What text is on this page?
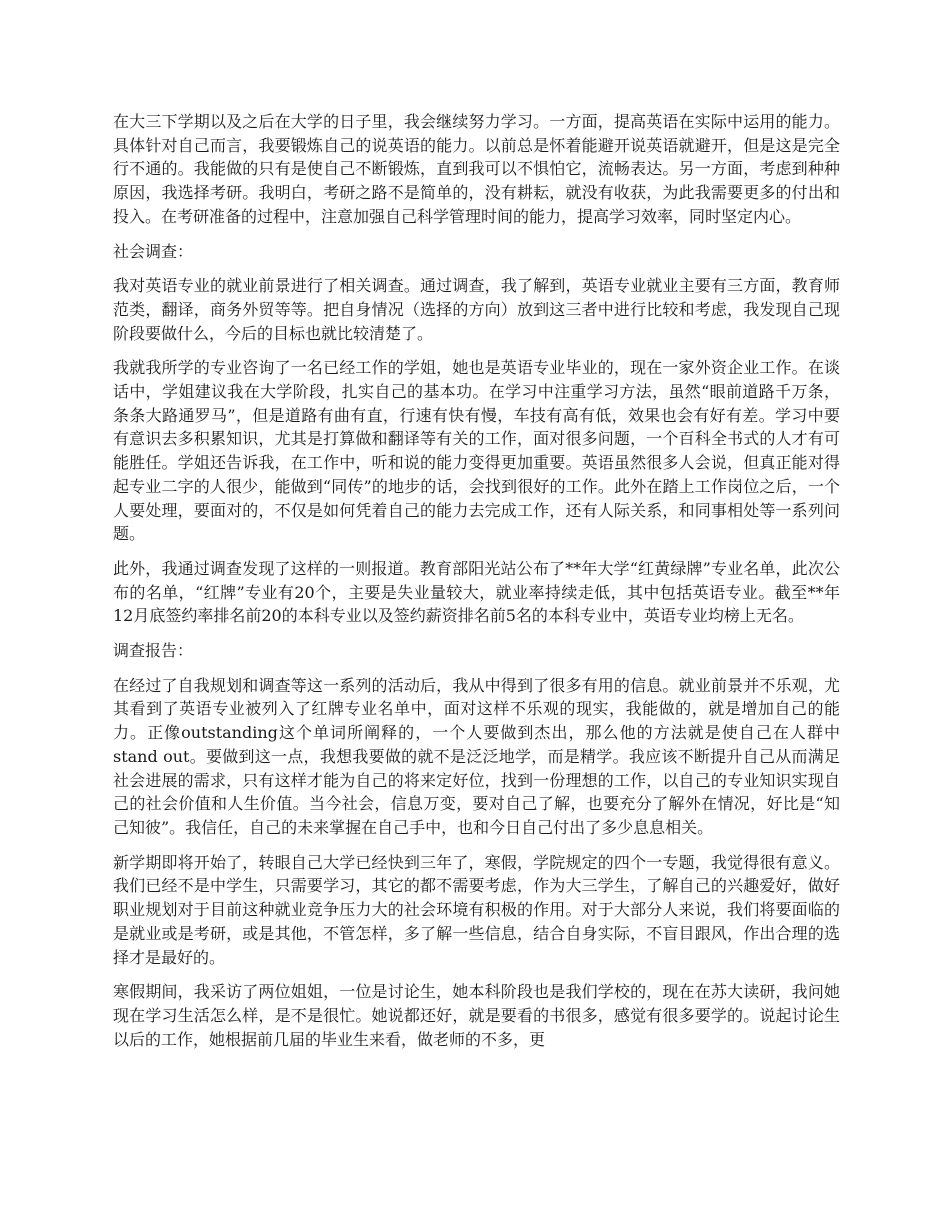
在大三下学期以及之后在大学的日子里，我会继续努力学习。一方面，提高英语在实际中运用的能力。具体针对自己而言，我要锻炼自己的说英语的能力。以前总是怀着能避开说英语就避开，但是这是完全行不通的。我能做的只有是使自己不断锻炼，直到我可以不惧怕它，流畅表达。另一方面，考虑到种种原因，我选择考研。我明白，考研之路不是简单的，没有耕耘，就没有收获，为此我需要更多的付出和投入。在考研准备的过程中，注意加强自己科学管理时间的能力，提高学习效率，同时坚定内心。

社会调查：

我对英语专业的就业前景进行了相关调查。通过调查，我了解到，英语专业就业主要有三方面，教育师范类，翻译，商务外贸等等。把自身情况（选择的方向）放到这三者中进行比较和考虑，我发现自己现阶段要做什么，今后的目标也就比较清楚了。

我就我所学的专业咨询了一名已经工作的学姐，她也是英语专业毕业的，现在一家外资企业工作。在谈话中，学姐建议我在大学阶段，扎实自己的基本功。在学习中注重学习方法，虽然“眼前道路千万条，条条大路通罗马”，但是道路有曲有直，行速有快有慢，车技有高有低，效果也会有好有差。学习中要有意识去多积累知识，尤其是打算做和翻译等有关的工作，面对很多问题，一个百科全书式的人才有可能胜任。学姐还告诉我，在工作中，听和说的能力变得更加重要。英语虽然很多人会说，但真正能对得起专业二字的人很少，能做到“同传”的地步的话，会找到很好的工作。此外在踏上工作岗位之后，一个人要处理，要面对的，不仅是如何凭着自己的能力去完成工作，还有人际关系，和同事相处等一系列问题。

此外，我通过调查发现了这样的一则报道。教育部阳光站公布了**年大学“红黄绿牌”专业名单，此次公布的名单，“红牌”专业有20个，主要是失业量较大，就业率持续走低，其中包括英语专业。截至**年12月底签约率排名前20的本科专业以及签约薪资排名前5名的本科专业中，英语专业均榜上无名。

调查报告：

在经过了自我规划和调查等这一系列的活动后，我从中得到了很多有用的信息。就业前景并不乐观，尤其看到了英语专业被列入了红牌专业名单中，面对这样不乐观的现实，我能做的，就是增加自己的能力。正像outstanding这个单词所阐释的，一个人要做到杰出，那么他的方法就是使自己在人群中stand out。要做到这一点，我想我要做的就不是泛泛地学，而是精学。我应该不断提升自己从而满足社会进展的需求，只有这样才能为自己的将来定好位，找到一份理想的工作，以自己的专业知识实现自己的社会价值和人生价值。当今社会，信息万变，要对自己了解，也要充分了解外在情况，好比是“知己知彼”。我信任，自己的未来掌握在自己手中，也和今日自己付出了多少息息相关。

新学期即将开始了，转眼自己大学已经快到三年了，寒假，学院规定的四个一专题，我觉得很有意义。我们已经不是中学生，只需要学习，其它的都不需要考虑，作为大三学生，了解自己的兴趣爱好，做好职业规划对于目前这种就业竞争压力大的社会环境有积极的作用。对于大部分人来说，我们将要面临的是就业或是考研，或是其他，不管怎样，多了解一些信息，结合自身实际，不盲目跟风，作出合理的选择才是最好的。

寒假期间，我采访了两位姐姐，一位是讨论生，她本科阶段也是我们学校的，现在在苏大读研，我问她现在学习生活怎么样，是不是很忙。她说都还好，就是要看的书很多，感觉有很多要学的。说起讨论生以后的工作，她根据前几届的毕业生来看，做老师的不多，更
